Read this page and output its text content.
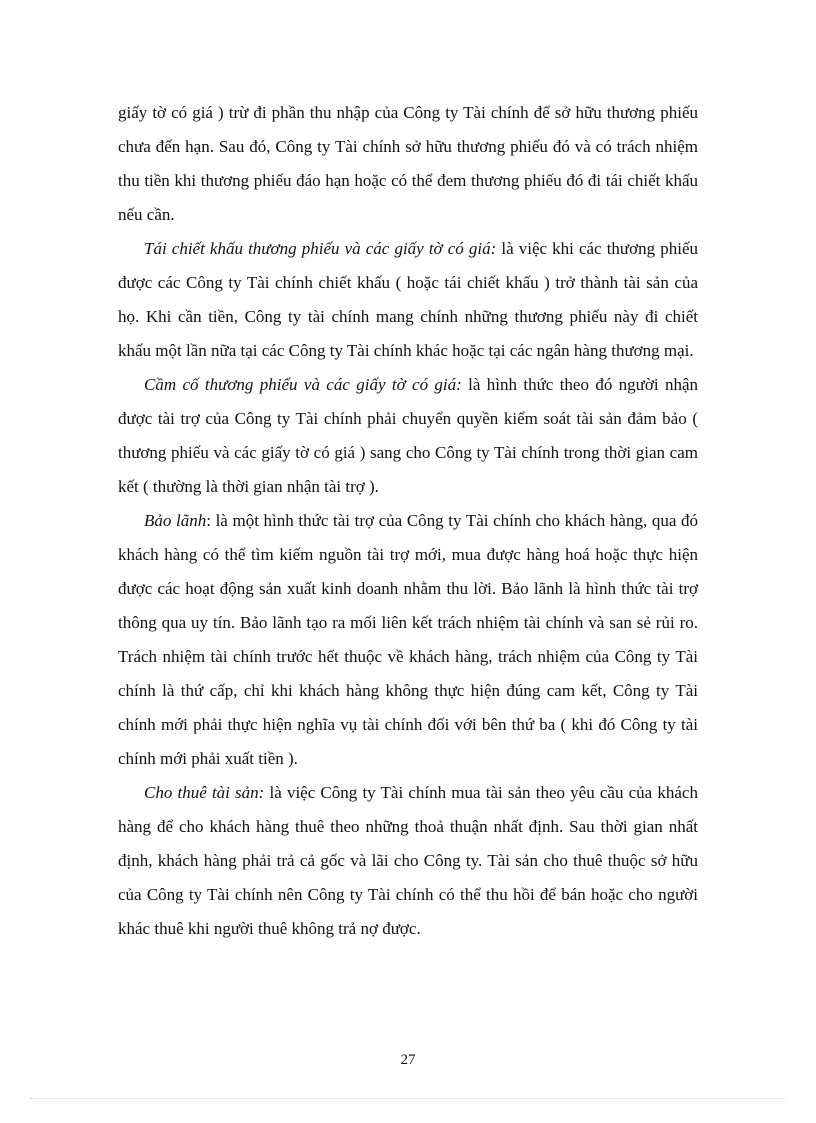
giấy tờ có giá ) trừ đi phần thu nhập của Công ty Tài chính để sở hữu thương phiếu chưa đến hạn. Sau đó, Công ty Tài chính sở hữu thương phiếu đó và có trách nhiệm thu tiền khi thương phiếu đáo hạn hoặc có thể đem thương phiếu đó đi tái chiết khấu nếu cần.

Tái chiết khấu thương phiếu và các giấy tờ có giá: là việc khi các thương phiếu được các Công ty Tài chính chiết khấu ( hoặc tái chiết khấu ) trở thành tài sản của họ. Khi cần tiền, Công ty tài chính mang chính những thương phiếu này đi chiết khấu một lần nữa tại các Công ty Tài chính khác hoặc tại các ngân hàng thương mại.

Cầm cố thương phiếu và các giấy tờ có giá: là hình thức theo đó người nhận được tài trợ của Công ty Tài chính phải chuyển quyền kiểm soát tài sản đảm bảo ( thương phiếu và các giấy tờ có giá ) sang cho Công ty Tài chính trong thời gian cam kết ( thường là thời gian nhận tài trợ ).

Bảo lãnh: là một hình thức tài trợ của Công ty Tài chính cho khách hàng, qua đó khách hàng có thể tìm kiếm nguồn tài trợ mới, mua được hàng hoá hoặc thực hiện được các hoạt động sản xuất kinh doanh nhằm thu lời. Bảo lãnh là hình thức tài trợ thông qua uy tín. Bảo lãnh tạo ra mối liên kết trách nhiệm tài chính và san sẻ rủi ro. Trách nhiệm tài chính trước hết thuộc về khách hàng, trách nhiệm của Công ty Tài chính là thứ cấp, chỉ khi khách hàng không thực hiện đúng cam kết, Công ty Tài chính mới phải thực hiện nghĩa vụ tài chính đối với bên thứ ba ( khi đó Công ty tài chính mới phải xuất tiền ).

Cho thuê tài sản: là việc Công ty Tài chính mua tài sản theo yêu cầu của khách hàng để cho khách hàng thuê theo những thoả thuận nhất định. Sau thời gian nhất định, khách hàng phải trả cả gốc và lãi cho Công ty. Tài sản cho thuê thuộc sở hữu của Công ty Tài chính nên Công ty Tài chính có thể thu hồi để bán hoặc cho người khác thuê khi người thuê không trả nợ được.

27
